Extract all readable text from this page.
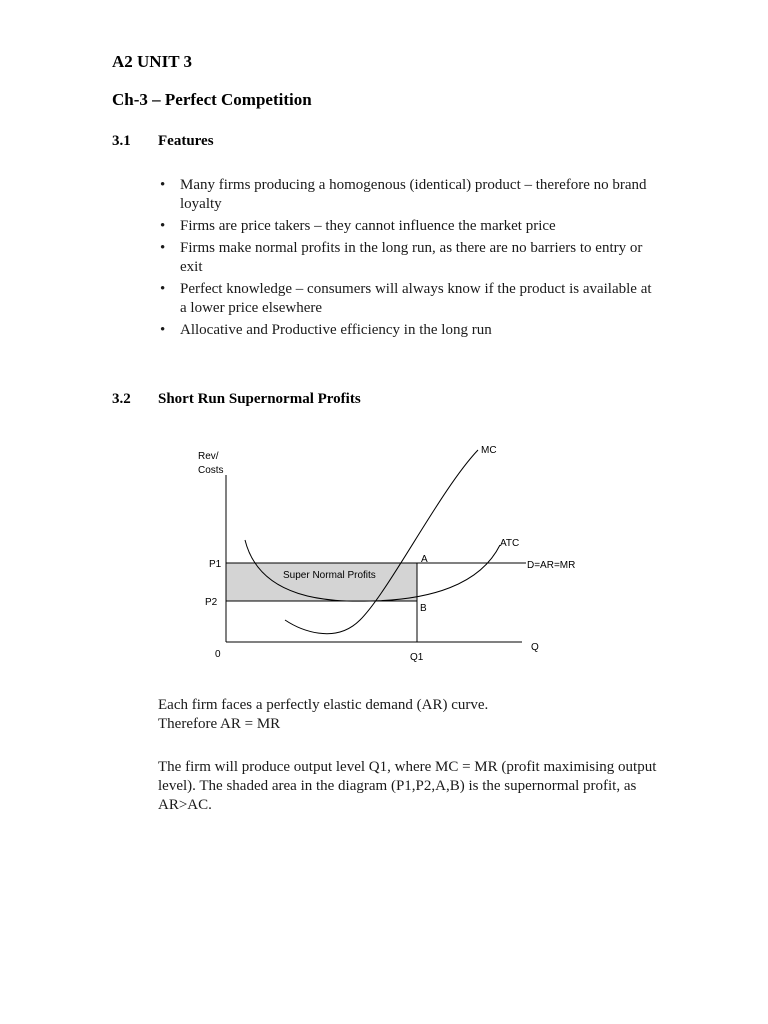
A2 UNIT 3
Ch-3 – Perfect Competition
3.1 Features
• Many firms producing a homogenous (identical) product – therefore no brand loyalty
• Firms are price takers – they cannot influence the market price
• Firms make normal profits in the long run, as there are no barriers to entry or exit
• Perfect knowledge – consumers will always know if the product is available at a lower price elsewhere
• Allocative and Productive efficiency in the long run
3.2 Short Run Supernormal Profits
Rev/
Costs
P1
P2
0	Q1
Q
MC
ATC
D=AR=MR
A
B
Super Normal Profits
Each firm faces a perfectly elastic demand (AR) curve.
Therefore AR = MR
The firm will produce output level Q1, where MC = MR (profit maximising output level). The shaded area in the diagram (P1,P2,A,B) is the supernormal profit, as AR>AC.
